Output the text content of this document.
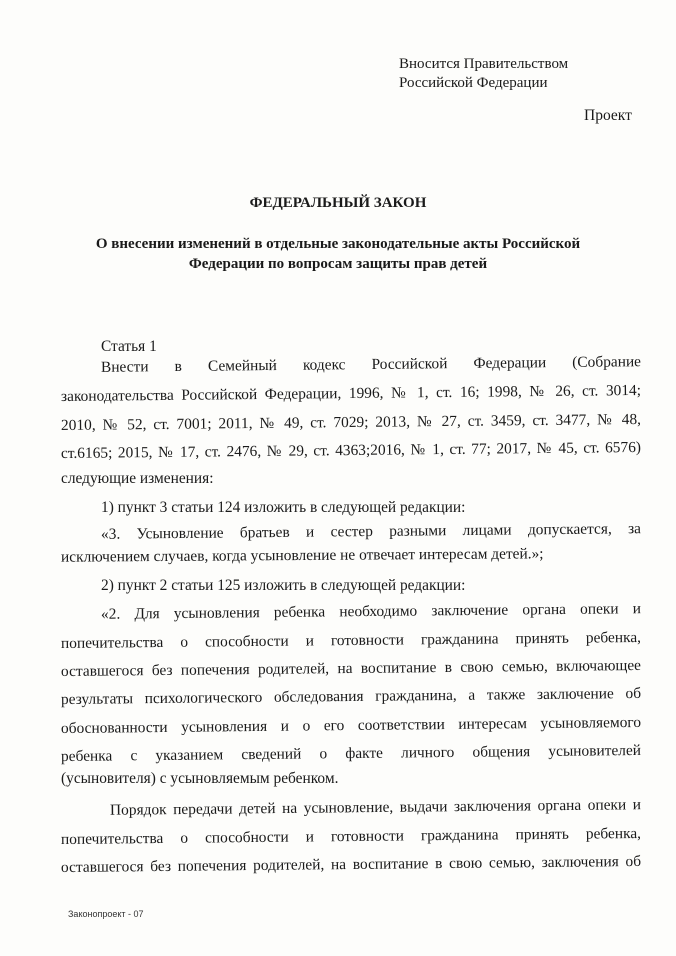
Вносится Правительством
Российской Федерации
Проект
ФЕДЕРАЛЬНЫЙ ЗАКОН
О внесении изменений в отдельные законодательные акты Российской
Федерации по вопросам защиты прав детей
Статья 1
Внести в Семейный кодекс Российской Федерации (Собрание
законодательства Российской Федерации, 1996, № 1, ст. 16; 1998, № 26, ст. 3014;
2010, № 52, ст. 7001; 2011, № 49, ст. 7029; 2013, № 27, ст. 3459, ст. 3477, № 48,
ст.6165; 2015, № 17, ст. 2476, № 29, ст. 4363;2016, № 1, ст. 77; 2017, № 45, ст. 6576)
следующие изменения:
1) пункт 3 статьи 124 изложить в следующей редакции:
«3. Усыновление братьев и сестер разными лицами допускается, за
исключением случаев, когда усыновление не отвечает интересам детей.»;
2) пункт 2 статьи 125 изложить в следующей редакции:
«2. Для усыновления ребенка необходимо заключение органа опеки и
попечительства о способности и готовности гражданина принять ребенка,
оставшегося без попечения родителей, на воспитание в свою семью, включающее
результаты психологического обследования гражданина, а также заключение об
обоснованности усыновления и о его соответствии интересам усыновляемого
ребенка с указанием сведений о факте личного общения усыновителей
(усыновителя) с усыновляемым ребенком.
Порядок передачи детей на усыновление, выдачи заключения органа опеки и
попечительства о способности и готовности гражданина принять ребенка,
оставшегося без попечения родителей, на воспитание в свою семью, заключения об
Законопроект - 07
